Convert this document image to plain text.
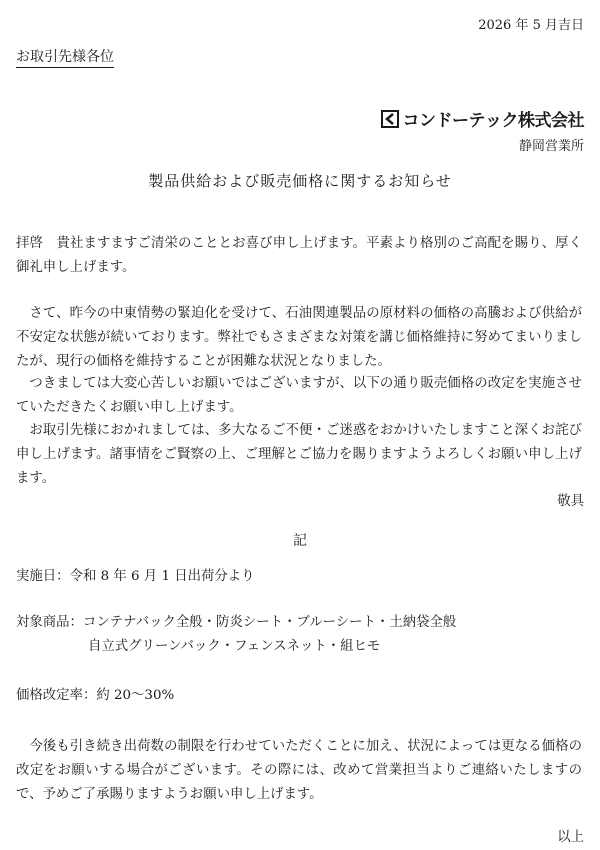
2026 年 5 月吉日
お取引先様各位
コンドーテック株式会社
静岡営業所
製品供給および販売価格に関するお知らせ

拝啓　貴社ますますご清栄のこととお喜び申し上げます。平素より格別のご高配を賜り、厚く御礼申し上げます。

さて、昨今の中東情勢の緊迫化を受けて、石油関連製品の原材料の価格の高騰および供給が不安定な状態が続いております。弊社でもさまざまな対策を講じ価格維持に努めてまいりましたが、現行の価格を維持することが困難な状況となりました。

つきましては大変心苦しいお願いではございますが、以下の通り販売価格の改定を実施させていただきたくお願い申し上げます。

お取引先様におかれましては、多大なるご不便・ご迷惑をおかけいたしますこと深くお詫び申し上げます。諸事情をご賢察の上、ご理解とご協力を賜りますようよろしくお願い申し上げます。

敬具
記
実施日：令和 8 年 6 月 1 日出荷分より
対象商品：コンテナバック全般・防炎シート・ブルーシート・土納袋全般
自立式グリーンバック・フェンスネット・組ヒモ
価格改定率：約 20～30%

今後も引き続き出荷数の制限を行わせていただくことに加え、状況によっては更なる価格の改定をお願いする場合がございます。その際には、改めて営業担当よりご連絡いたしますので、予めご了承賜りますようお願い申し上げます。

以上
